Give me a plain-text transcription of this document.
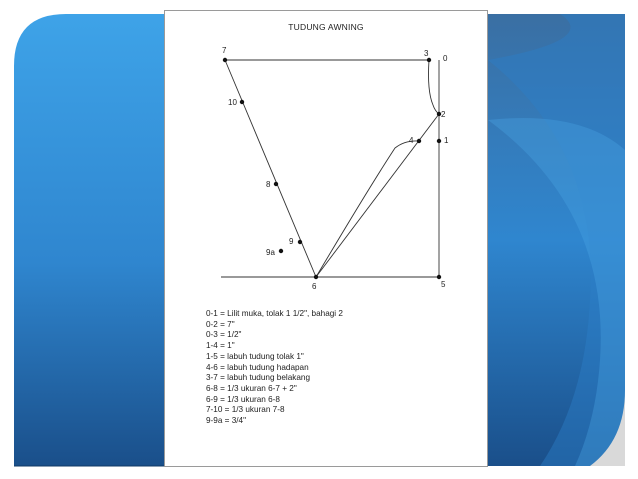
TUDUNG AWNING
7	3
0
10
2
4	1
8
9
9a
6	5
0-1 = Lilit muka, tolak 1 1/2", bahagi 2
0-2 = 7"
0-3 = 1/2"
1-4 = 1"
1-5 = labuh tudung tolak 1"
4-6 = labuh tudung hadapan
3-7 = labuh tudung belakang
6-8 = 1/3 ukuran 6-7 + 2"
6-9 = 1/3 ukuran 6-8
7-10 = 1/3 ukuran 7-8
9-9a = 3/4"
